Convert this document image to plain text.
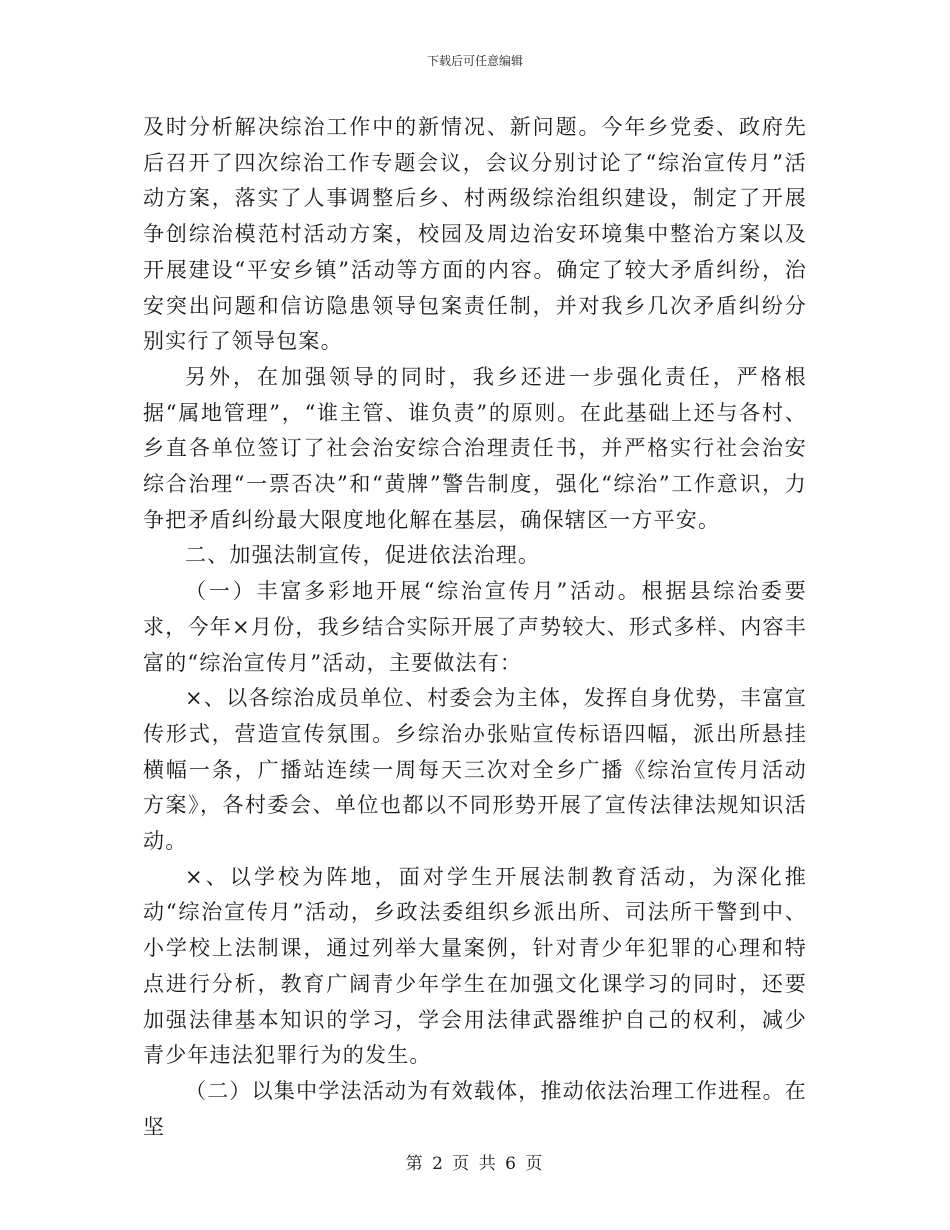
下载后可任意编辑

及时分析解决综治工作中的新情况、新问题。今年乡党委、政府先后召开了四次综治工作专题会议，会议分别讨论了“综治宣传月”活动方案，落实了人事调整后乡、村两级综治组织建设，制定了开展争创综治模范村活动方案，校园及周边治安环境集中整治方案以及开展建设“平安乡镇”活动等方面的内容。确定了较大矛盾纠纷，治安突出问题和信访隐患领导包案责任制，并对我乡几次矛盾纠纷分别实行了领导包案。

另外，在加强领导的同时，我乡还进一步强化责任，严格根据“属地管理”，“谁主管、谁负责”的原则。在此基础上还与各村、乡直各单位签订了社会治安综合治理责任书，并严格实行社会治安综合治理“一票否决”和“黄牌”警告制度，强化“综治”工作意识，力争把矛盾纠纷最大限度地化解在基层，确保辖区一方平安。

二、加强法制宣传，促进依法治理。

（一）丰富多彩地开展“综治宣传月”活动。根据县综治委要求，今年×月份，我乡结合实际开展了声势较大、形式多样、内容丰富的“综治宣传月”活动，主要做法有：

×、以各综治成员单位、村委会为主体，发挥自身优势，丰富宣传形式，营造宣传氛围。乡综治办张贴宣传标语四幅，派出所悬挂横幅一条，广播站连续一周每天三次对全乡广播《综治宣传月活动方案》，各村委会、单位也都以不同形势开展了宣传法律法规知识活动。

×、以学校为阵地，面对学生开展法制教育活动，为深化推动“综治宣传月”活动，乡政法委组织乡派出所、司法所干警到中、小学校上法制课，通过列举大量案例，针对青少年犯罪的心理和特点进行分析，教育广阔青少年学生在加强文化课学习的同时，还要加强法律基本知识的学习，学会用法律武器维护自己的权利，减少青少年违法犯罪行为的发生。

（二）以集中学法活动为有效载体，推动依法治理工作进程。在坚

第 2 页 共 6 页
